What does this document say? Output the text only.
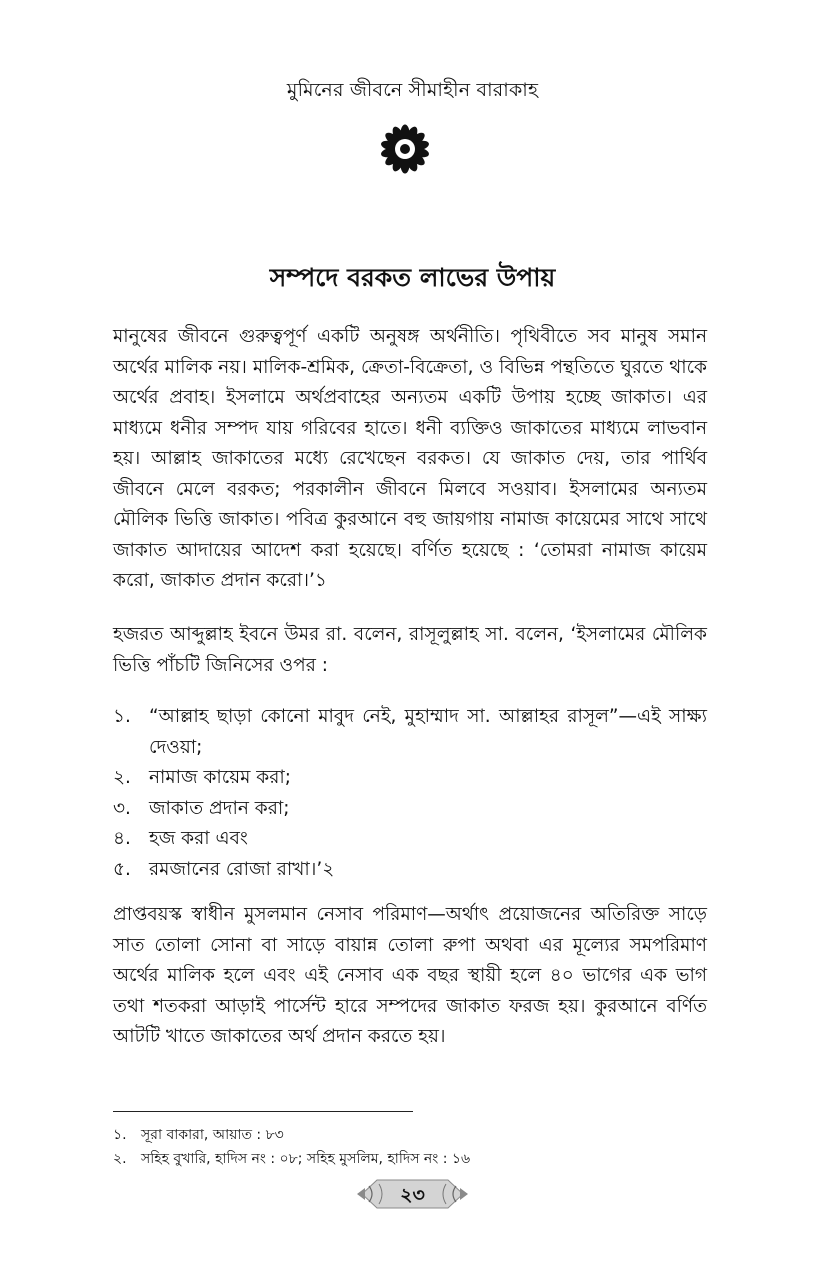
মুমিনের জীবনে সীমাহীন বারাকাহ
সম্পদে বরকত লাভের উপায়

মানুষের জীবনে গুরুত্বপূর্ণ একটি অনুষঙ্গ অর্থনীতি। পৃথিবীতে সব মানুষ সমান অর্থের মালিক নয়। মালিক-শ্রমিক, ক্রেতা-বিক্রেতা, ও বিভিন্ন পন্থতিতে ঘুরতে থাকে অর্থের প্রবাহ। ইসলামে অর্থপ্রবাহের অন্যতম একটি উপায় হচ্ছে জাকাত। এর মাধ্যমে ধনীর সম্পদ যায় গরিবের হাতে। ধনী ব্যক্তিও জাকাতের মাধ্যমে লাভবান হয়। আল্লাহ জাকাতের মধ্যে রেখেছেন বরকত। যে জাকাত দেয়, তার পার্থিব জীবনে মেলে বরকত; পরকালীন জীবনে মিলবে সওয়াব। ইসলামের অন্যতম মৌলিক ভিত্তি জাকাত। পবিত্র কুরআনে বহু জায়গায় নামাজ কায়েমের সাথে সাথে জাকাত আদায়ের আদেশ করা হয়েছে। বর্ণিত হয়েছে : ‘তোমরা নামাজ কায়েম করো, জাকাত প্রদান করো।’১

হজরত আব্দুল্লাহ ইবনে উমর রা. বলেন, রাসূলুল্লাহ সা. বলেন, ‘ইসলামের মৌলিক ভিত্তি পাঁচটি জিনিসের ওপর :

১. “আল্লাহ ছাড়া কোনো মাবুদ নেই, মুহাম্মাদ সা. আল্লাহর রাসূল”—এই সাক্ষ্য দেওয়া;
২. নামাজ কায়েম করা;
৩. জাকাত প্রদান করা;
৪. হজ করা এবং
৫. রমজানের রোজা রাখা।’২

প্রাপ্তবয়স্ক স্বাধীন মুসলমান নেসাব পরিমাণ—অর্থাৎ প্রয়োজনের অতিরিক্ত সাড়ে সাত তোলা সোনা বা সাড়ে বায়ান্ন তোলা রুপা অথবা এর মূল্যের সমপরিমাণ অর্থের মালিক হলে এবং এই নেসাব এক বছর স্থায়ী হলে ৪০ ভাগের এক ভাগ তথা শতকরা আড়াই পার্সেন্ট হারে সম্পদের জাকাত ফরজ হয়। কুরআনে বর্ণিত আটটি খাতে জাকাতের অর্থ প্রদান করতে হয়।

১.	সূরা বাকারা, আয়াত : ৮৩
২.	সহিহ বুখারি, হাদিস নং : ০৮; সহিহ মুসলিম, হাদিস নং : ১৬
২৩
